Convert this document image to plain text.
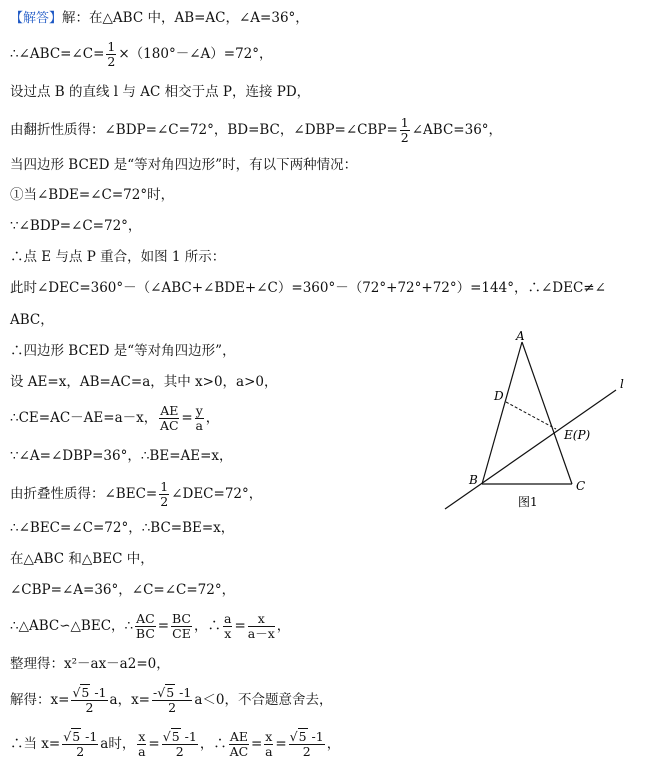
【解答】解：在△ABC 中，AB=AC，∠A=36°，
∴∠ABC=∠C= $\frac{1}{2}$ ×（180°－∠A）=72°，
设过点 B 的直线 l 与 AC 相交于点 P，连接 PD，
由翻折性质得：∠BDP=∠C=72°，BD=BC，∠DBP=∠CBP= $\frac{1}{2}$ ∠ABC=36°，
当四边形 BCED 是“等对角四边形”时，有以下两种情况：
①当∠BDE=∠C=72°时，
∵∠BDP=∠C=72°，
∴点 E 与点 P 重合，如图 1 所示：
此时∠DEC=360°－（∠ABC+∠BDE+∠C）=360°－（72°+72°+72°）=144°，∴∠DEC≠∠
ABC，
∴四边形 BCED 是“等对角四边形”，
设 AE=x，AB=AC=a，其中 x>0，a>0，
∴CE=AC－AE=a－x， $\frac{AE}{AC} = \frac{y}{a}$ ，
∵∠A=∠DBP=36°，∴BE=AE=x，
由折叠性质得：∠BEC= $\frac{1}{2}$ ∠DEC=72°，
∴∠BEC=∠C=72°，∴BC=BE=x，
在△ABC 和△BEC 中，
∠CBP=∠A=36°，∠C=∠C=72°，
∴△ABC∽△BEC，∴ $\frac{AC}{BC} = \frac{BC}{CE}$ ，∴ $\frac{a}{x} = \frac{x}{a-x}$ ，
整理得：x²－ax－a2=0，
解得：$x= \frac{√5 -1}{2}$ a，$x= \frac{-√5 -1}{2} a<0$，不合题意舍去，
∴当 $x= \frac{√5 -1}{2}$ a时， $\frac{x}{a} = \frac{√5 -1}{2}$ ，∴ $\frac{AE}{AC} = \frac{x}{a} = \frac{√5 -1}{2}$ ，
A
D
E(P)
B	C
l
图1
